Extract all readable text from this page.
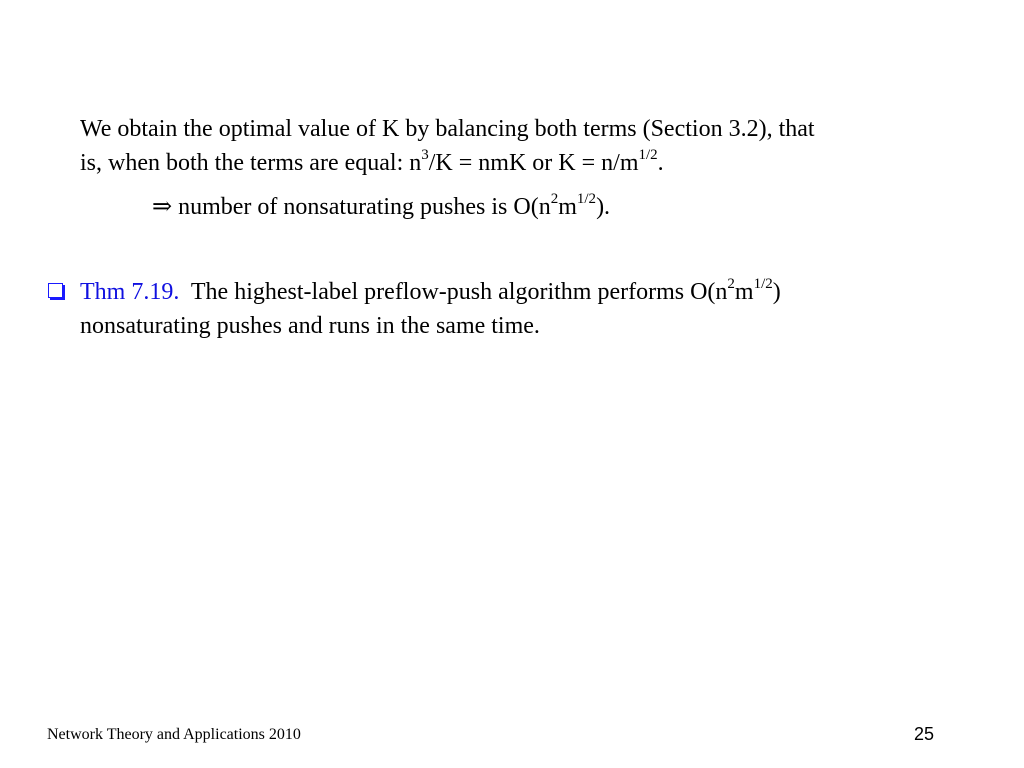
We obtain the optimal value of K by balancing both terms (Section 3.2), that
is, when both the terms are equal: $n^3/K$ = nmK or $K = n/m^{1/2}$.
⇒ number of nonsaturating pushes is $O(n^2m^{1/2})$.
Thm 7.19.  The highest-label preflow-push algorithm performs $O(n^2m^{1/2})$
nonsaturating pushes and runs in the same time.
Network Theory and Applications 2010	25
